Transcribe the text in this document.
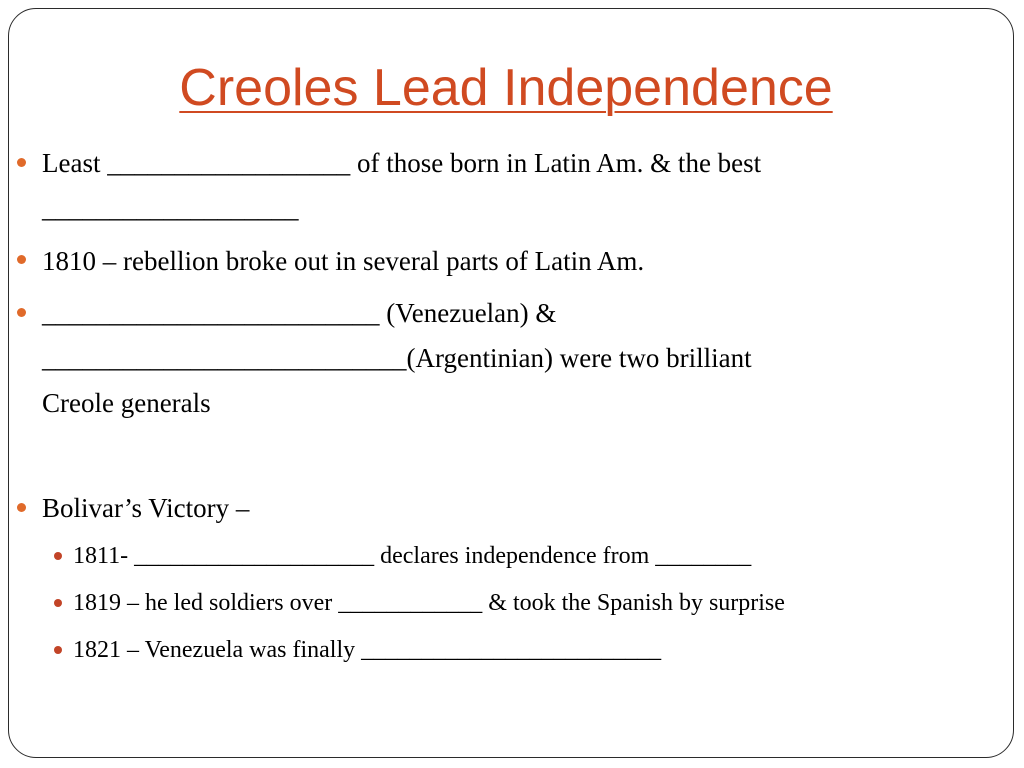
Creoles Lead Independence
Least __________________ of those born in Latin Am. & the best
___________________
1810 – rebellion broke out in several parts of Latin Am.
_________________________ (Venezuelan) &
___________________________(Argentinian) were two brilliant
Creole generals
Bolivar’s Victory –
1811- ____________________ declares independence from ________
1819 – he led soldiers over ____________ & took the Spanish by surprise
1821 – Venezuela was finally _________________________
